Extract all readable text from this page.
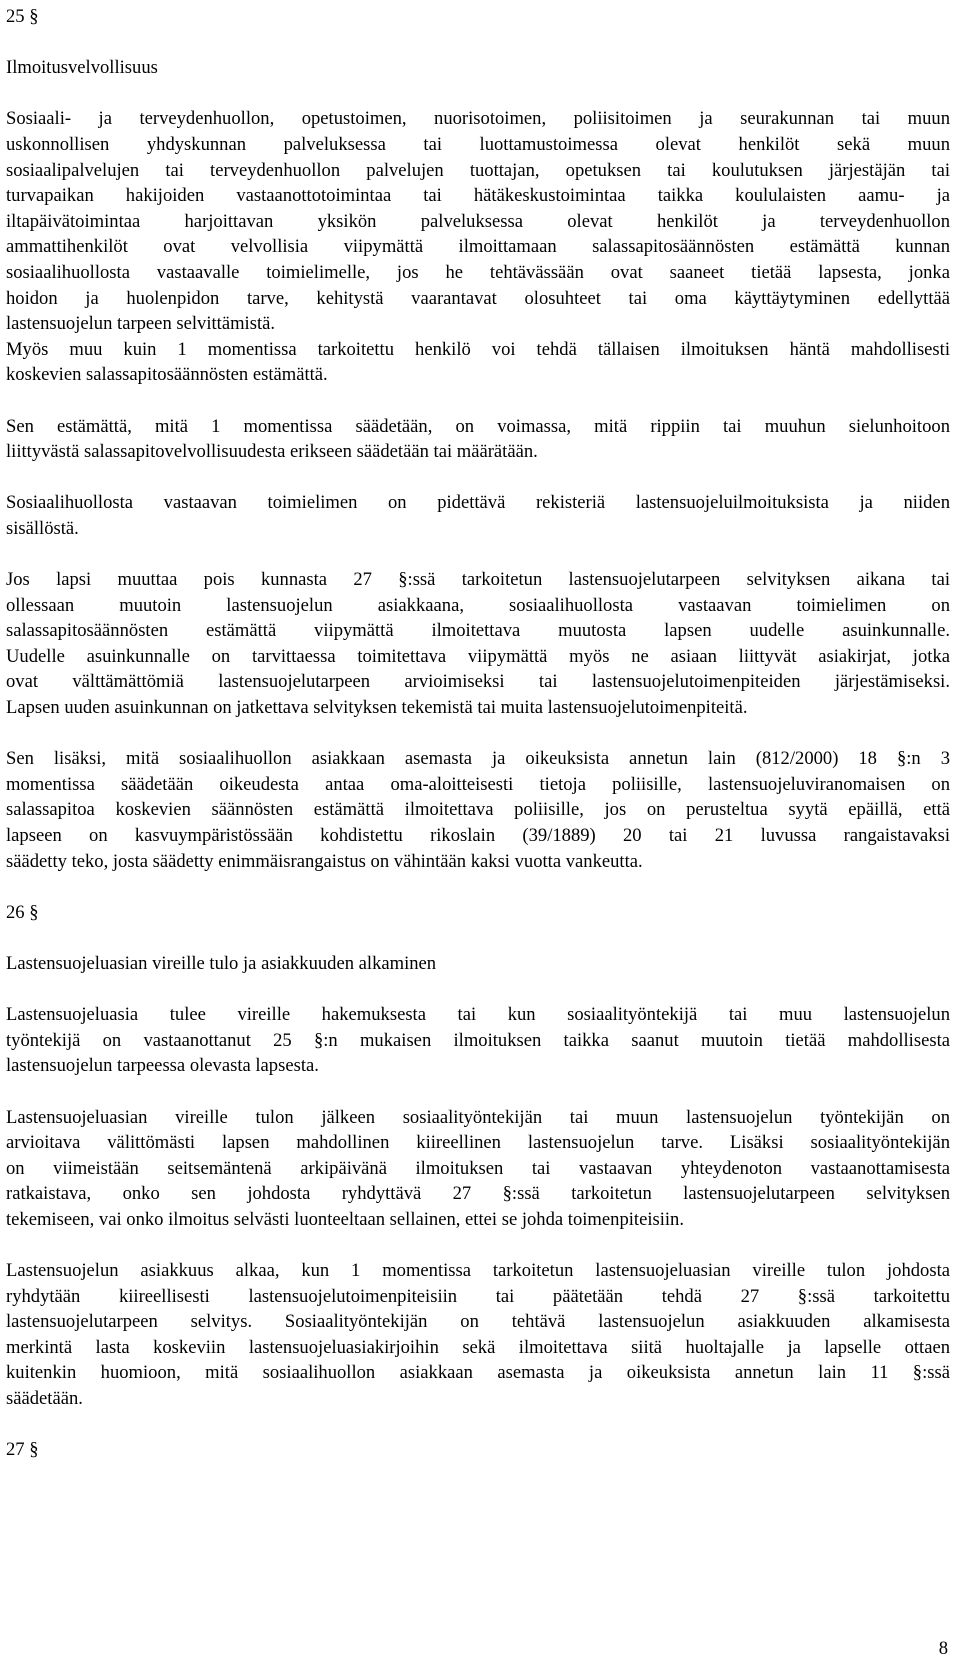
25 §

Ilmoitusvelvollisuus

Sosiaali- ja terveydenhuollon, opetustoimen, nuorisotoimen, poliisitoimen ja seurakunnan tai muun
uskonnollisen yhdyskunnan palveluksessa tai luottamustoimessa olevat henkilöt sekä muun
sosiaalipalvelujen tai terveydenhuollon palvelujen tuottajan, opetuksen tai koulutuksen järjestäjän tai
turvapaikan hakijoiden vastaanottotoimintaa tai hätäkeskustoimintaa taikka koululaisten aamu- ja
iltapäivätoimintaa harjoittavan yksikön palveluksessa olevat henkilöt ja terveydenhuollon
ammattihenkilöt ovat velvollisia viipymättä ilmoittamaan salassapitosäännösten estämättä kunnan
sosiaalihuollosta vastaavalle toimielimelle, jos he tehtävässään ovat saaneet tietää lapsesta, jonka
hoidon ja huolenpidon tarve, kehitystä vaarantavat olosuhteet tai oma käyttäytyminen edellyttää
lastensuojelun tarpeen selvittämistä.

Myös muu kuin 1 momentissa tarkoitettu henkilö voi tehdä tällaisen ilmoituksen häntä mahdollisesti
koskevien salassapitosäännösten estämättä.

Sen estämättä, mitä 1 momentissa säädetään, on voimassa, mitä rippiin tai muuhun sielunhoitoon
liittyvästä salassapitovelvollisuudesta erikseen säädetään tai määrätään.

Sosiaalihuollosta vastaavan toimielimen on pidettävä rekisteriä lastensuojeluilmoituksista ja niiden
sisällöstä.

Jos lapsi muuttaa pois kunnasta 27 §:ssä tarkoitetun lastensuojelutarpeen selvityksen aikana tai
ollessaan muutoin lastensuojelun asiakkaana, sosiaalihuollosta vastaavan toimielimen on
salassapitosäännösten estämättä viipymättä ilmoitettava muutosta lapsen uudelle asuinkunnalle.
Uudelle asuinkunnalle on tarvittaessa toimitettava viipymättä myös ne asiaan liittyvät asiakirjat, jotka
ovat välttämättömiä lastensuojelutarpeen arvioimiseksi tai lastensuojelutoimenpiteiden järjestämiseksi.
Lapsen uuden asuinkunnan on jatkettava selvityksen tekemistä tai muita lastensuojelutoimenpiteitä.

Sen lisäksi, mitä sosiaalihuollon asiakkaan asemasta ja oikeuksista annetun lain (812/2000) 18 §:n 3
momentissa säädetään oikeudesta antaa oma-aloitteisesti tietoja poliisille, lastensuojeluviranomaisen on
salassapitoa koskevien säännösten estämättä ilmoitettava poliisille, jos on perusteltua syytä epäillä, että
lapseen on kasvuympäristössään kohdistettu rikoslain (39/1889) 20 tai 21 luvussa rangaistavaksi
säädetty teko, josta säädetty enimmäisrangaistus on vähintään kaksi vuotta vankeutta.

26 §

Lastensuojeluasian vireille tulo ja asiakkuuden alkaminen

Lastensuojeluasia tulee vireille hakemuksesta tai kun sosiaalityöntekijä tai muu lastensuojelun
työntekijä on vastaanottanut 25 §:n mukaisen ilmoituksen taikka saanut muutoin tietää mahdollisesta
lastensuojelun tarpeessa olevasta lapsesta.

Lastensuojeluasian vireille tulon jälkeen sosiaalityöntekijän tai muun lastensuojelun työntekijän on
arvioitava välittömästi lapsen mahdollinen kiireellinen lastensuojelun tarve. Lisäksi sosiaalityöntekijän
on viimeistään seitsemäntenä arkipäivänä ilmoituksen tai vastaavan yhteydenoton vastaanottamisesta
ratkaistava, onko sen johdosta ryhdyttävä 27 §:ssä tarkoitetun lastensuojelutarpeen selvityksen
tekemiseen, vai onko ilmoitus selvästi luonteeltaan sellainen, ettei se johda toimenpiteisiin.

Lastensuojelun asiakkuus alkaa, kun 1 momentissa tarkoitetun lastensuojeluasian vireille tulon johdosta
ryhdytään kiireellisesti lastensuojelutoimenpiteisiin tai päätetään tehdä 27 §:ssä tarkoitettu
lastensuojelutarpeen selvitys. Sosiaalityöntekijän on tehtävä lastensuojelun asiakkuuden alkamisesta
merkintä lasta koskeviin lastensuojeluasiakirjoihin sekä ilmoitettava siitä huoltajalle ja lapselle ottaen
kuitenkin huomioon, mitä sosiaalihuollon asiakkaan asemasta ja oikeuksista annetun lain 11 §:ssä
säädetään.

27 §

8
